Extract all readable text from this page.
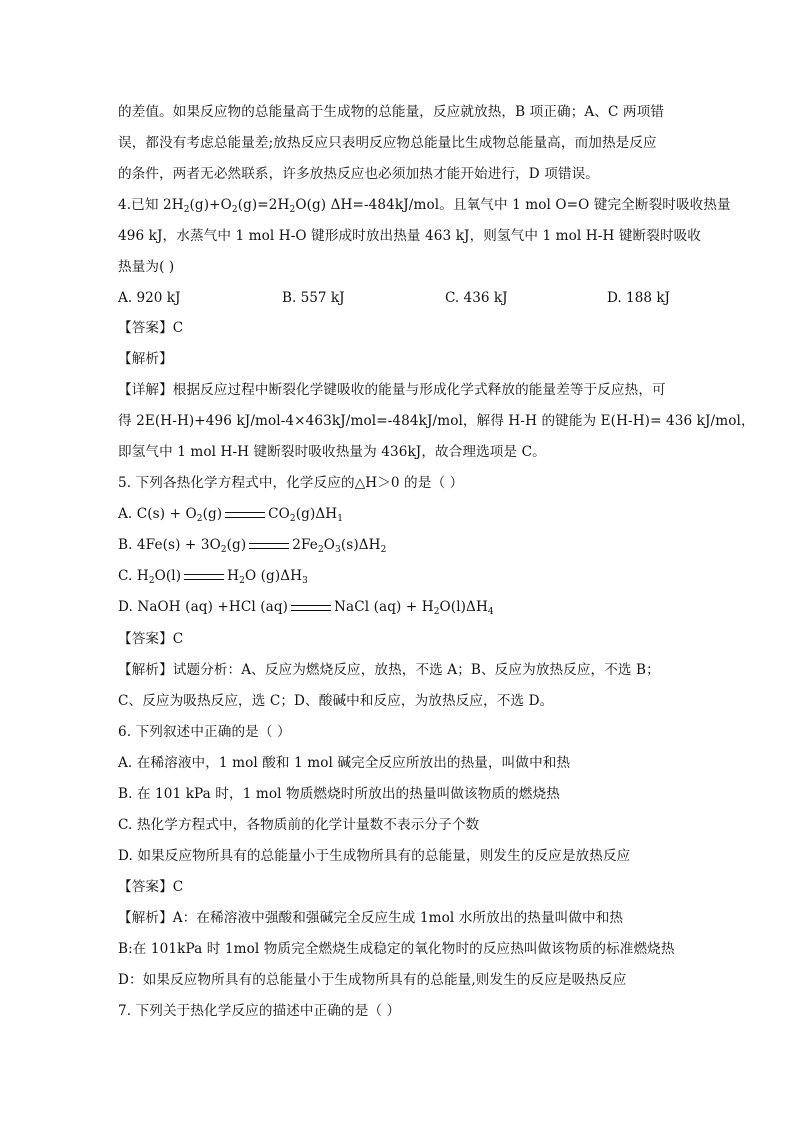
的差值。如果反应物的总能量高于生成物的总能量，反应就放热，B 项正确；A、C 两项错
误，都没有考虑总能量差;放热反应只表明反应物总能量比生成物总能量高，而加热是反应
的条件，两者无必然联系，许多放热反应也必须加热才能开始进行，D 项错误。
4.已知 $2H_2(g)+O_2(g)=2H_2O(g)$ ΔH=-484kJ/mol。且氧气中 1 mol O=O 键完全断裂时吸收热量
496 kJ，水蒸气中 1 mol H-O 键形成时放出热量 463 kJ，则氢气中 1 mol H-H 键断裂时吸收
热量为( )
A. 920 kJ	B. 557 kJ	C. 436 kJ	D. 188 kJ
【答案】C
【解析】
【详解】根据反应过程中断裂化学键吸收的能量与形成化学式释放的能量差等于反应热，可
得 2E(H-H)+496 kJ/mol-4×463kJ/mol=-484kJ/mol，解得 H-H 的键能为 E(H-H)= 436 kJ/mol，
即氢气中 1 mol H-H 键断裂时吸收热量为 436kJ，故合理选项是 C。
5. 下列各热化学方程式中，化学反应的△H＞0 的是（ ）
A. $C(s) + O_2(g)$	$CO_2(g)\Delta H_1$
B. $4Fe(s) + 3O_2(g)$	$2Fe_2O_3(s)\Delta H_2$
C. $H_2O(l)$	$H_2O$ $(g)\Delta H_3$
D. NaOH (aq) +HCl (aq)	NaCl $(aq) + H_2O(l)\Delta H_4$
【答案】C
【解析】试题分析：A、反应为燃烧反应，放热，不选 A；B、反应为放热反应，不选 B；
C、反应为吸热反应，选 C；D、酸碱中和反应，为放热反应，不选 D。
6. 下列叙述中正确的是（ ）
A. 在稀溶液中，1 mol 酸和 1 mol 碱完全反应所放出的热量，叫做中和热
B. 在 101 kPa 时，1 mol 物质燃烧时所放出的热量叫做该物质的燃烧热
C. 热化学方程式中，各物质前的化学计量数不表示分子个数
D. 如果反应物所具有的总能量小于生成物所具有的总能量，则发生的反应是放热反应
【答案】C
【解析】A：在稀溶液中强酸和强碱完全反应生成 1mol 水所放出的热量叫做中和热
B:在 101kPa 时 1mol 物质完全燃烧生成稳定的氧化物时的反应热叫做该物质的标准燃烧热
D：如果反应物所具有的总能量小于生成物所具有的总能量,则发生的反应是吸热反应
7. 下列关于热化学反应的描述中正确的是（ ）
